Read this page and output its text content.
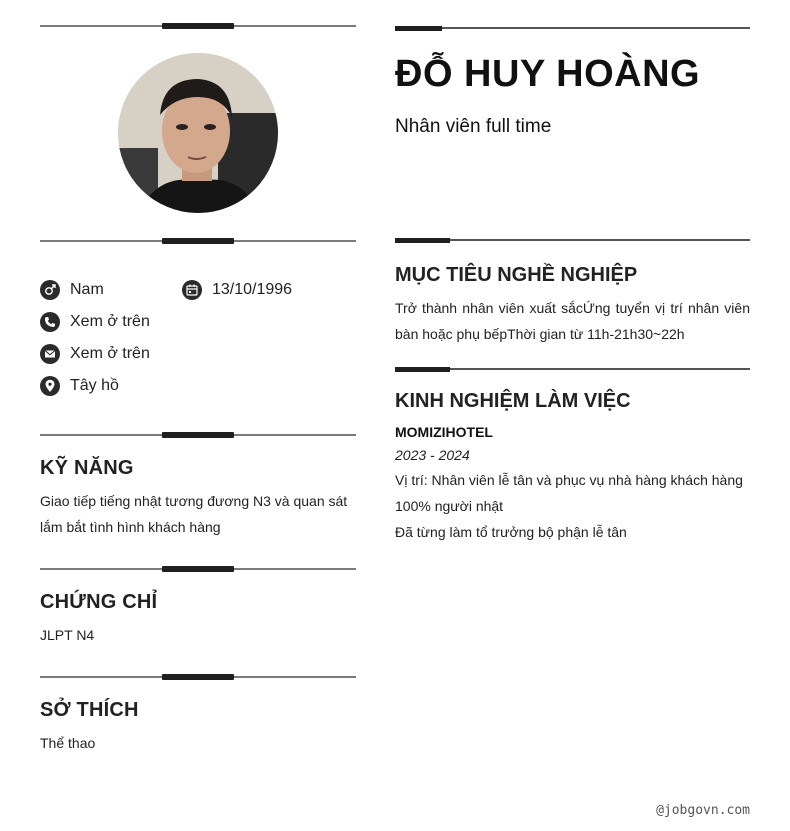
Nam	13/10/1996
Xem ở trên
Xem ở trên
Tây hồ
KỸ NĂNG
Giao tiếp tiếng nhật tương đương N3 và quan sát lắm bắt tình hình khách hàng
CHỨNG CHỈ
JLPT N4
SỞ THÍCH
Thể thao
ĐỖ HUY HOÀNG
Nhân viên full time
MỤC TIÊU NGHỀ NGHIỆP
Trở thành nhân viên xuất sắcỨng tuyển vị trí nhân viên bàn hoặc phụ bếpThời gian từ 11h-21h30~22h
KINH NGHIỆM LÀM VIỆC
MOMIZIHOTEL
2023 - 2024
Vị trí: Nhân viên lễ tân và phục vụ nhà hàng khách hàng
100% người nhật
Đã từng làm tổ trưởng bộ phận lễ tân
@jobgovn.com
